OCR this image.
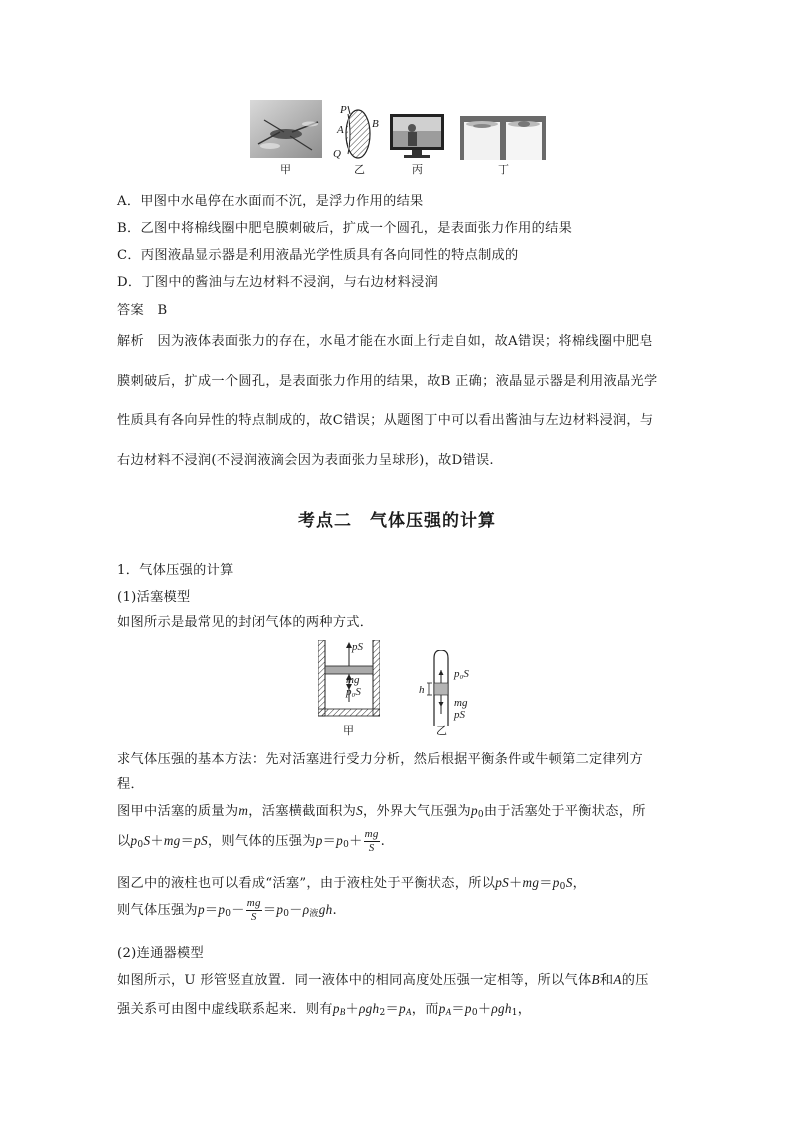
甲
P
A	B
Q
乙	丙	丁
A．甲图中水黾停在水面而不沉，是浮力作用的结果
B．乙图中将棉线圈中肥皂膜刺破后，扩成一个圆孔，是表面张力作用的结果
C．丙图液晶显示器是利用液晶光学性质具有各向同性的特点制成的
D．丁图中的酱油与左边材料不浸润，与右边材料浸润
答案　B
解析　因为液体表面张力的存在，水黾才能在水面上行走自如，故A错误；将棉线圈中肥皂
膜刺破后，扩成一个圆孔，是表面张力作用的结果，故B 正确；液晶显示器是利用液晶光学
性质具有各向异性的特点制成的，故C错误；从题图丁中可以看出酱油与左边材料浸润，与
右边材料不浸润(不浸润液滴会因为表面张力呈球形)，故D错误.
考点二　气体压强的计算
1．气体压强的计算
(1)活塞模型
如图所示是最常见的封闭气体的两种方式．
pS
mg
p₀S
甲
p₀S
h
mg
pS
乙
求气体压强的基本方法：先对活塞进行受力分析，然后根据平衡条件或牛顿第二定律列方
程．
图甲中活塞的质量为m，活塞横截面积为S，外界大气压强为$p_0$由于活塞处于平衡状态，所
以$p_0S+mg=pS$，则气体的压强为$p=p_0+ \frac{mg}{S}$ .
图乙中的液柱也可以看成“活塞”，由于液柱处于平衡状态，所以$pS+mg=p_0S$，
则气体压强为$p=p_0- \frac{mg}{S} =p_0-\rho_液gh$.
(2)连通器模型
如图所示，U 形管竖直放置．同一液体中的相同高度处压强一定相等，所以气体B和A的压
强关系可由图中虚线联系起来．则有$p_B+\rho gh_2=p_A$，而$p_A=p_0+\rho gh_1$，
